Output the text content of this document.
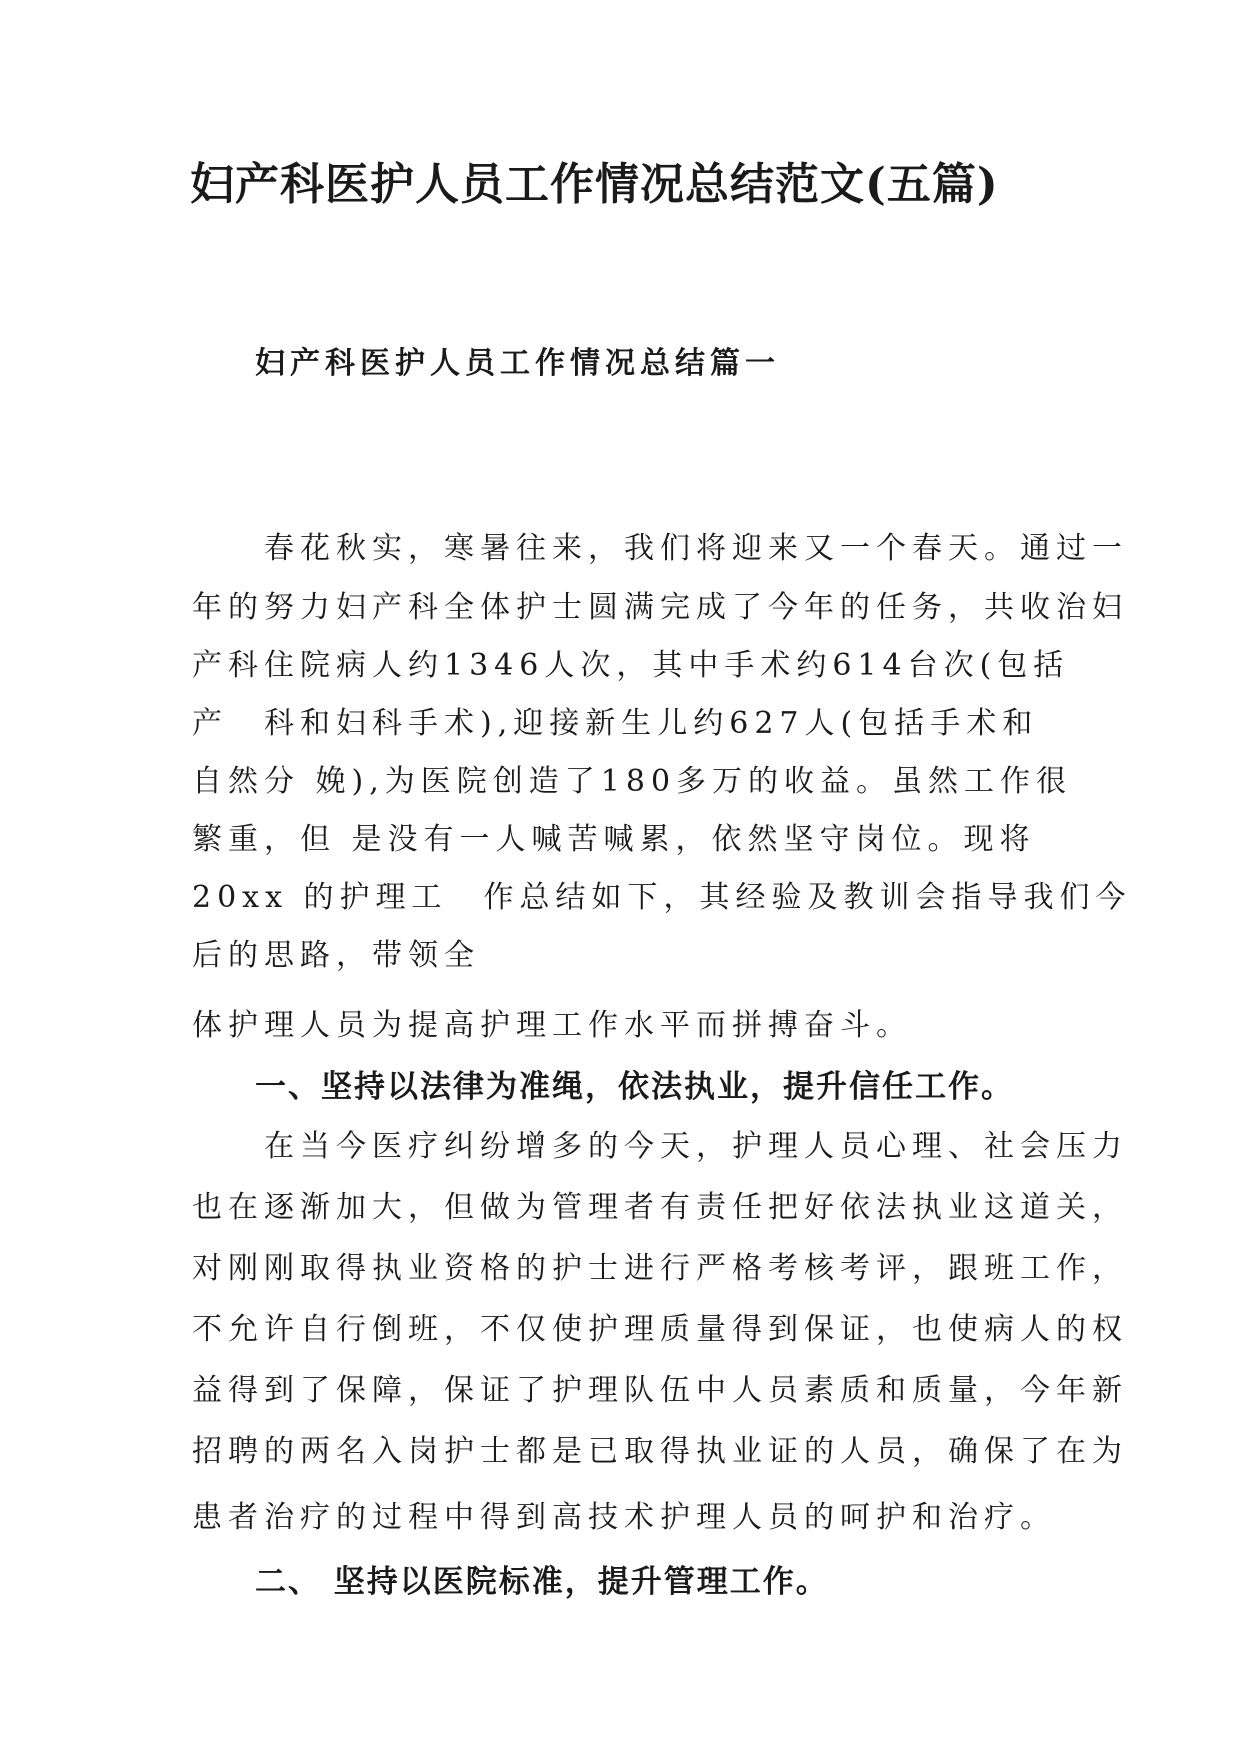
妇产科医护人员工作情况总结范文(五篇)
妇产科医护人员工作情况总结篇一
　　春花秋实，寒暑往来，我们将迎来又一个春天。通过一
年的努力妇产科全体护士圆满完成了今年的任务，共收治妇
产科住院病人约1346人次，其中手术约614台次(包括
产　科和妇科手术),迎接新生儿约627人(包括手术和
自然分 娩),为医院创造了180多万的收益。虽然工作很
繁重，但 是没有一人喊苦喊累，依然坚守岗位。现将
20xx 的护理工　作总结如下，其经验及教训会指导我们今
后的思路，带领全
体护理人员为提高护理工作水平而拼搏奋斗。
一、坚持以法律为准绳，依法执业，提升信任工作。
　　在当今医疗纠纷增多的今天，护理人员心理、社会压力
也在逐渐加大，但做为管理者有责任把好依法执业这道关，
对刚刚取得执业资格的护士进行严格考核考评，跟班工作，
不允许自行倒班，不仅使护理质量得到保证，也使病人的权
益得到了保障，保证了护理队伍中人员素质和质量，今年新
招聘的两名入岗护士都是已取得执业证的人员，确保了在为
患者治疗的过程中得到高技术护理人员的呵护和治疗。
二、 坚持以医院标准，提升管理工作。
